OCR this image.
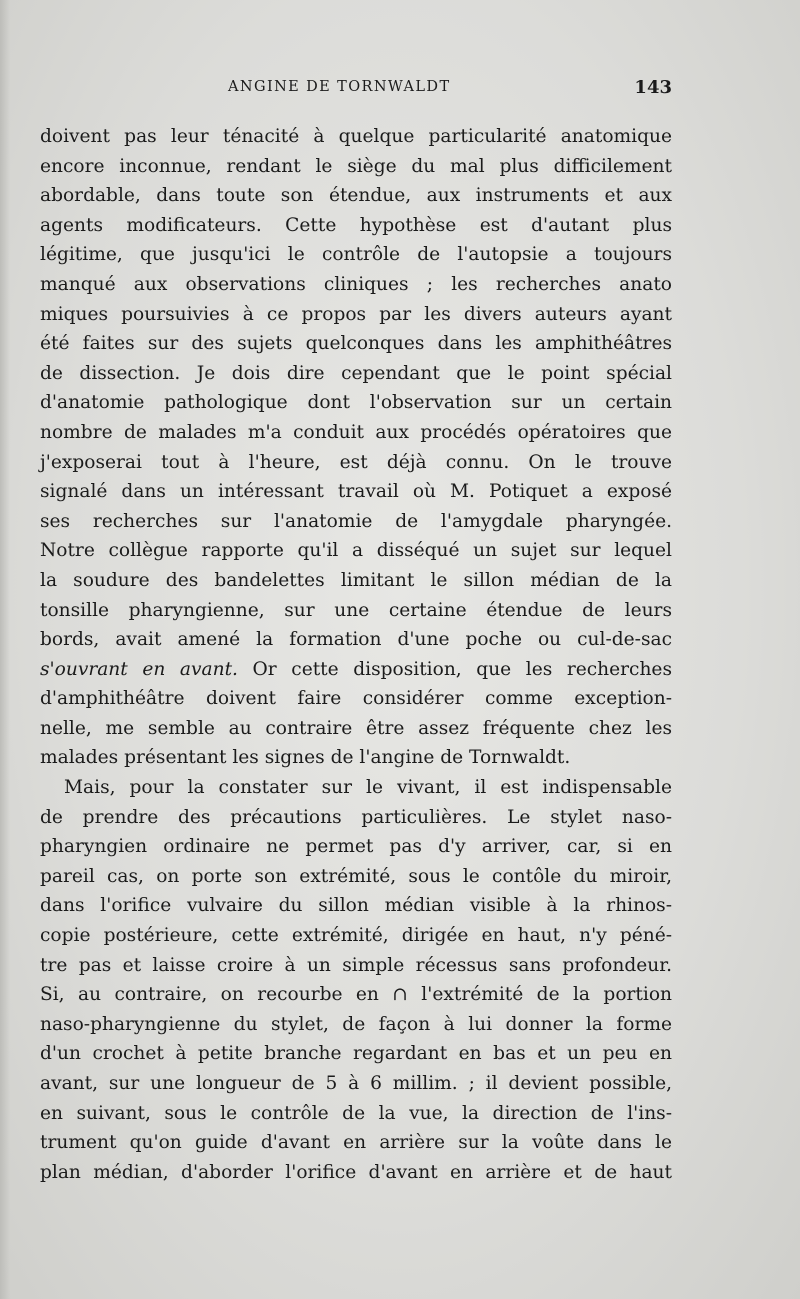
ANGINE DE TORNWALDT	143
doivent pas leur ténacité à quelque particularité anatomique
encore inconnue, rendant le siège du mal plus difficilement
abordable, dans toute son étendue, aux instruments et aux
agents modificateurs. Cette hypothèse est d'autant plus
légitime, que jusqu'ici le contrôle de l'autopsie a toujours
manqué aux observations cliniques ; les recherches anato
miques poursuivies à ce propos par les divers auteurs ayant
été faites sur des sujets quelconques dans les amphithéâtres
de dissection. Je dois dire cependant que le point spécial
d'anatomie pathologique dont l'observation sur un certain
nombre de malades m'a conduit aux procédés opératoires que
j'exposerai tout à l'heure, est déjà connu. On le trouve
signalé dans un intéressant travail où M. Potiquet a exposé
ses recherches sur l'anatomie de l'amygdale pharyngée.
Notre collègue rapporte qu'il a disséqué un sujet sur lequel
la soudure des bandelettes limitant le sillon médian de la
tonsille pharyngienne, sur une certaine étendue de leurs
bords, avait amené la formation d'une poche ou cul-de-sac
s'ouvrant en avant. Or cette disposition, que les recherches
d'amphithéâtre doivent faire considérer comme exception-
nelle, me semble au contraire être assez fréquente chez les
malades présentant les signes de l'angine de Tornwaldt.
Mais, pour la constater sur le vivant, il est indispensable
de prendre des précautions particulières. Le stylet naso-
pharyngien ordinaire ne permet pas d'y arriver, car, si en
pareil cas, on porte son extrémité, sous le contôle du miroir,
dans l'orifice vulvaire du sillon médian visible à la rhinos-
copie postérieure, cette extrémité, dirigée en haut, n'y péné-
tre pas et laisse croire à un simple récessus sans profondeur.
Si, au contraire, on recourbe en ∩ l'extrémité de la portion
naso-pharyngienne du stylet, de façon à lui donner la forme
d'un crochet à petite branche regardant en bas et un peu en
avant, sur une longueur de 5 à 6 millim. ; il devient possible,
en suivant, sous le contrôle de la vue, la direction de l'ins-
trument qu'on guide d'avant en arrière sur la voûte dans le
plan médian, d'aborder l'orifice d'avant en arrière et de haut
